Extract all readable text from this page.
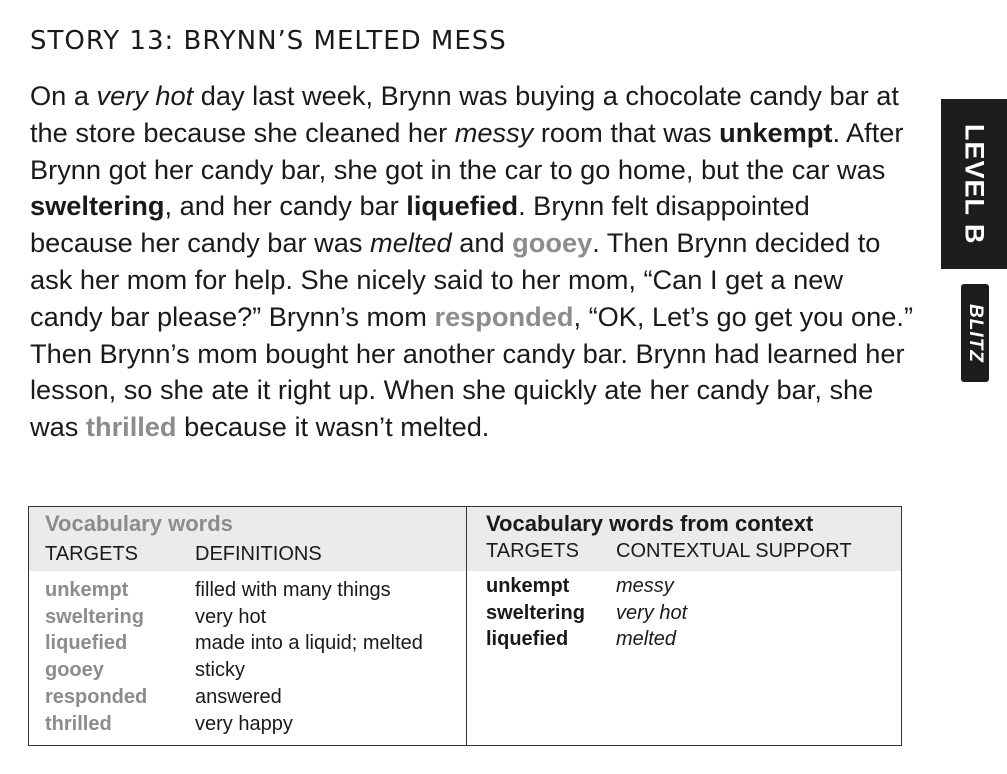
STORY 13: BRYNN’S MELTED MESS
On a very hot day last week, Brynn was buying a chocolate candy bar at the store because she cleaned her messy room that was unkempt. After Brynn got her candy bar, she got in the car to go home, but the car was sweltering, and her candy bar liquefied. Brynn felt disappointed because her candy bar was melted and gooey. Then Brynn decided to ask her mom for help. She nicely said to her mom, “Can I get a new candy bar please?” Brynn’s mom responded, “OK, Let’s go get you one.” Then Brynn’s mom bought her another candy bar. Brynn had learned her lesson, so she ate it right up. When she quickly ate her candy bar, she was thrilled because it wasn’t melted.
LEVEL B
BLITZ
Vocabulary words
TARGETS	DEFINITIONS
unkempt	filled with many things
sweltering	very hot
liquefied	made into a liquid; melted
gooey	sticky
responded	answered
thrilled	very happy
Vocabulary words from context
TARGETS CONTEXTUAL SUPPORT
unkempt	messy
sweltering	very hot
liquefied	melted
